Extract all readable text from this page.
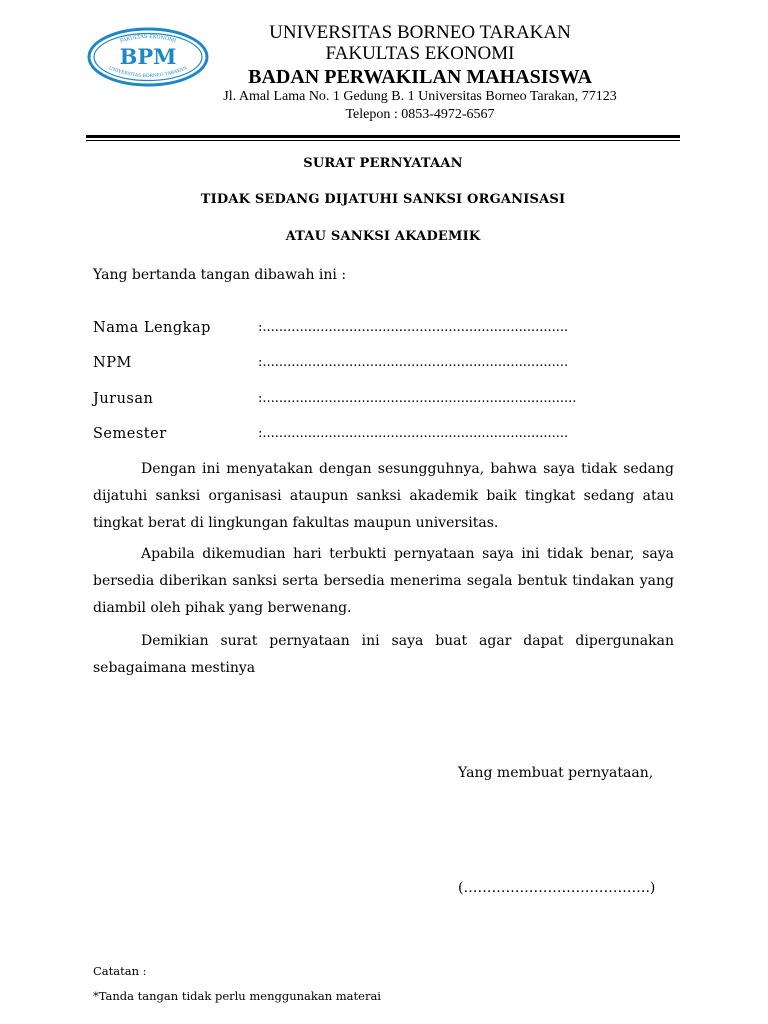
FAKULTAS EKONOMI
BPM
UNIVERSITAS BORNEO TARAKAN
UNIVERSITAS BORNEO TARAKAN
FAKULTAS EKONOMI
BADAN PERWAKILAN MAHASISWA
Jl. Amal Lama No. 1 Gedung B. 1 Universitas Borneo Tarakan, 77123
Telepon : 0853-4972-6567
SURAT PERNYATAAN
TIDAK SEDANG DIJATUHI SANKSI ORGANISASI
ATAU SANKSI AKADEMIK
Yang bertanda tangan dibawah ini :
Nama Lengkap	:..........................................................................
NPM	:..........................................................................
Jurusan	:............................................................................
Semester	:..........................................................................
Dengan ini menyatakan dengan sesungguhnya, bahwa saya tidak sedang dijatuhi sanksi organisasi ataupun sanksi akademik baik tingkat sedang atau tingkat berat di lingkungan fakultas maupun universitas.
Apabila dikemudian hari terbukti pernyataan saya ini tidak benar, saya bersedia diberikan sanksi serta bersedia menerima segala bentuk tindakan yang diambil oleh pihak yang berwenang.
Demikian surat pernyataan ini saya buat agar dapat dipergunakan sebagaimana mestinya
Yang membuat pernyataan,
(………………………………….)
Catatan :
*Tanda tangan tidak perlu menggunakan materai
